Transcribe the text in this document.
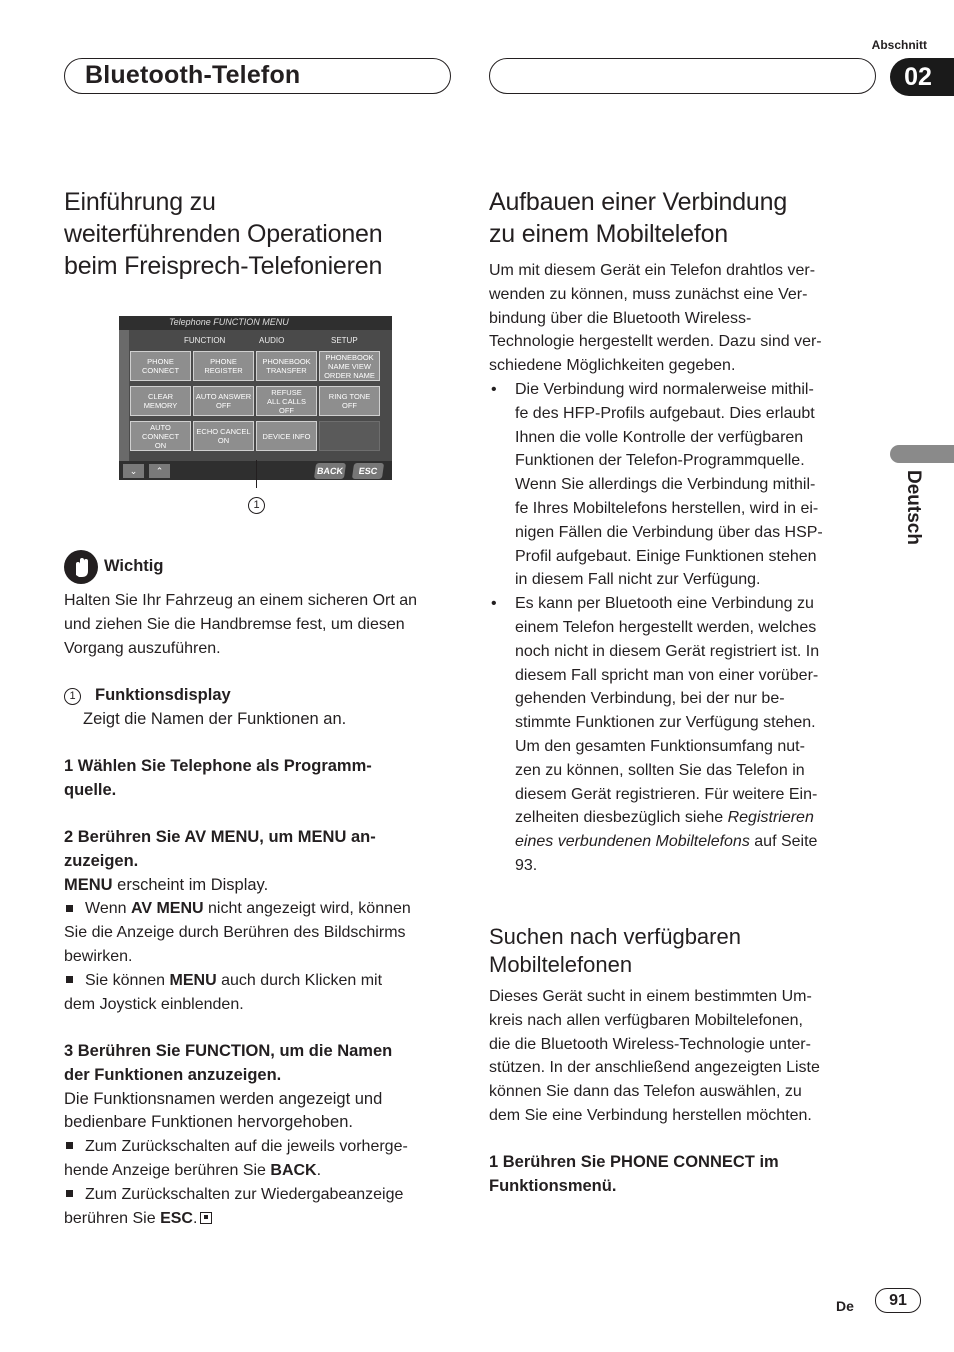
Bluetooth-Telefon
Abschnitt
02
Deutsch
Einführung zu
weiterführenden Operationen
beim Freisprech-Telefonieren
Telephone FUNCTION MENU
FUNCTION	AUDIO	SETUP
PHONE
CONNECT
PHONE
REGISTER
PHONEBOOK
TRANSFER
PHONEBOOK
NAME VIEW
ORDER NAME
CLEAR MEMORY
AUTO ANSWER
OFF
REFUSE
ALL CALLS
OFF
RING TONE
OFF
AUTO CONNECT
ON
ECHO CANCEL
ON	DEVICE INFO
⌄	⌃	BACK	ESC
1
Wichtig
Halten Sie Ihr Fahrzeug an einem sicheren Ort an
und ziehen Sie die Handbremse fest, um diesen
Vorgang auszuführen.
1 Funktionsdisplay
Zeigt die Namen der Funktionen an.
1 Wählen Sie Telephone als Programm-
quelle.
2 Berühren Sie AV MENU, um MENU an-
zuzeigen.
MENU erscheint im Display.
Wenn AV MENU nicht angezeigt wird, können
Sie die Anzeige durch Berühren des Bildschirms
bewirken.
Sie können MENU auch durch Klicken mit
dem Joystick einblenden.
3 Berühren Sie FUNCTION, um die Namen
der Funktionen anzuzeigen.
Die Funktionsnamen werden angezeigt und
bedienbare Funktionen hervorgehoben.
Zum Zurückschalten auf die jeweils vorherge-
hende Anzeige berühren Sie BACK.
Zum Zurückschalten zur Wiedergabeanzeige
berühren Sie ESC.
Aufbauen einer Verbindung
zu einem Mobiltelefon
Um mit diesem Gerät ein Telefon drahtlos ver-
wenden zu können, muss zunächst eine Ver-
bindung über die Bluetooth Wireless-
Technologie hergestellt werden. Dazu sind ver-
schiedene Möglichkeiten gegeben.
• Die Verbindung wird normalerweise mithil-
fe des HFP-Profils aufgebaut. Dies erlaubt
Ihnen die volle Kontrolle der verfügbaren
Funktionen der Telefon-Programmquelle.
Wenn Sie allerdings die Verbindung mithil-
fe Ihres Mobiltelefons herstellen, wird in ei-
nigen Fällen die Verbindung über das HSP-
Profil aufgebaut. Einige Funktionen stehen
in diesem Fall nicht zur Verfügung.
• Es kann per Bluetooth eine Verbindung zu
einem Telefon hergestellt werden, welches
noch nicht in diesem Gerät registriert ist. In
diesem Fall spricht man von einer vorüber-
gehenden Verbindung, bei der nur be-
stimmte Funktionen zur Verfügung stehen.
Um den gesamten Funktionsumfang nut-
zen zu können, sollten Sie das Telefon in
diesem Gerät registrieren. Für weitere Ein-
zelheiten diesbezüglich siehe Registrieren
eines verbundenen Mobiltelefons auf Seite
93.
Suchen nach verfügbaren
Mobiltelefonen
Dieses Gerät sucht in einem bestimmten Um-
kreis nach allen verfügbaren Mobiltelefonen,
die die Bluetooth Wireless-Technologie unter-
stützen. In der anschließend angezeigten Liste
können Sie dann das Telefon auswählen, zu
dem Sie eine Verbindung herstellen möchten.
1 Berühren Sie PHONE CONNECT im
Funktionsmenü.
De	91
